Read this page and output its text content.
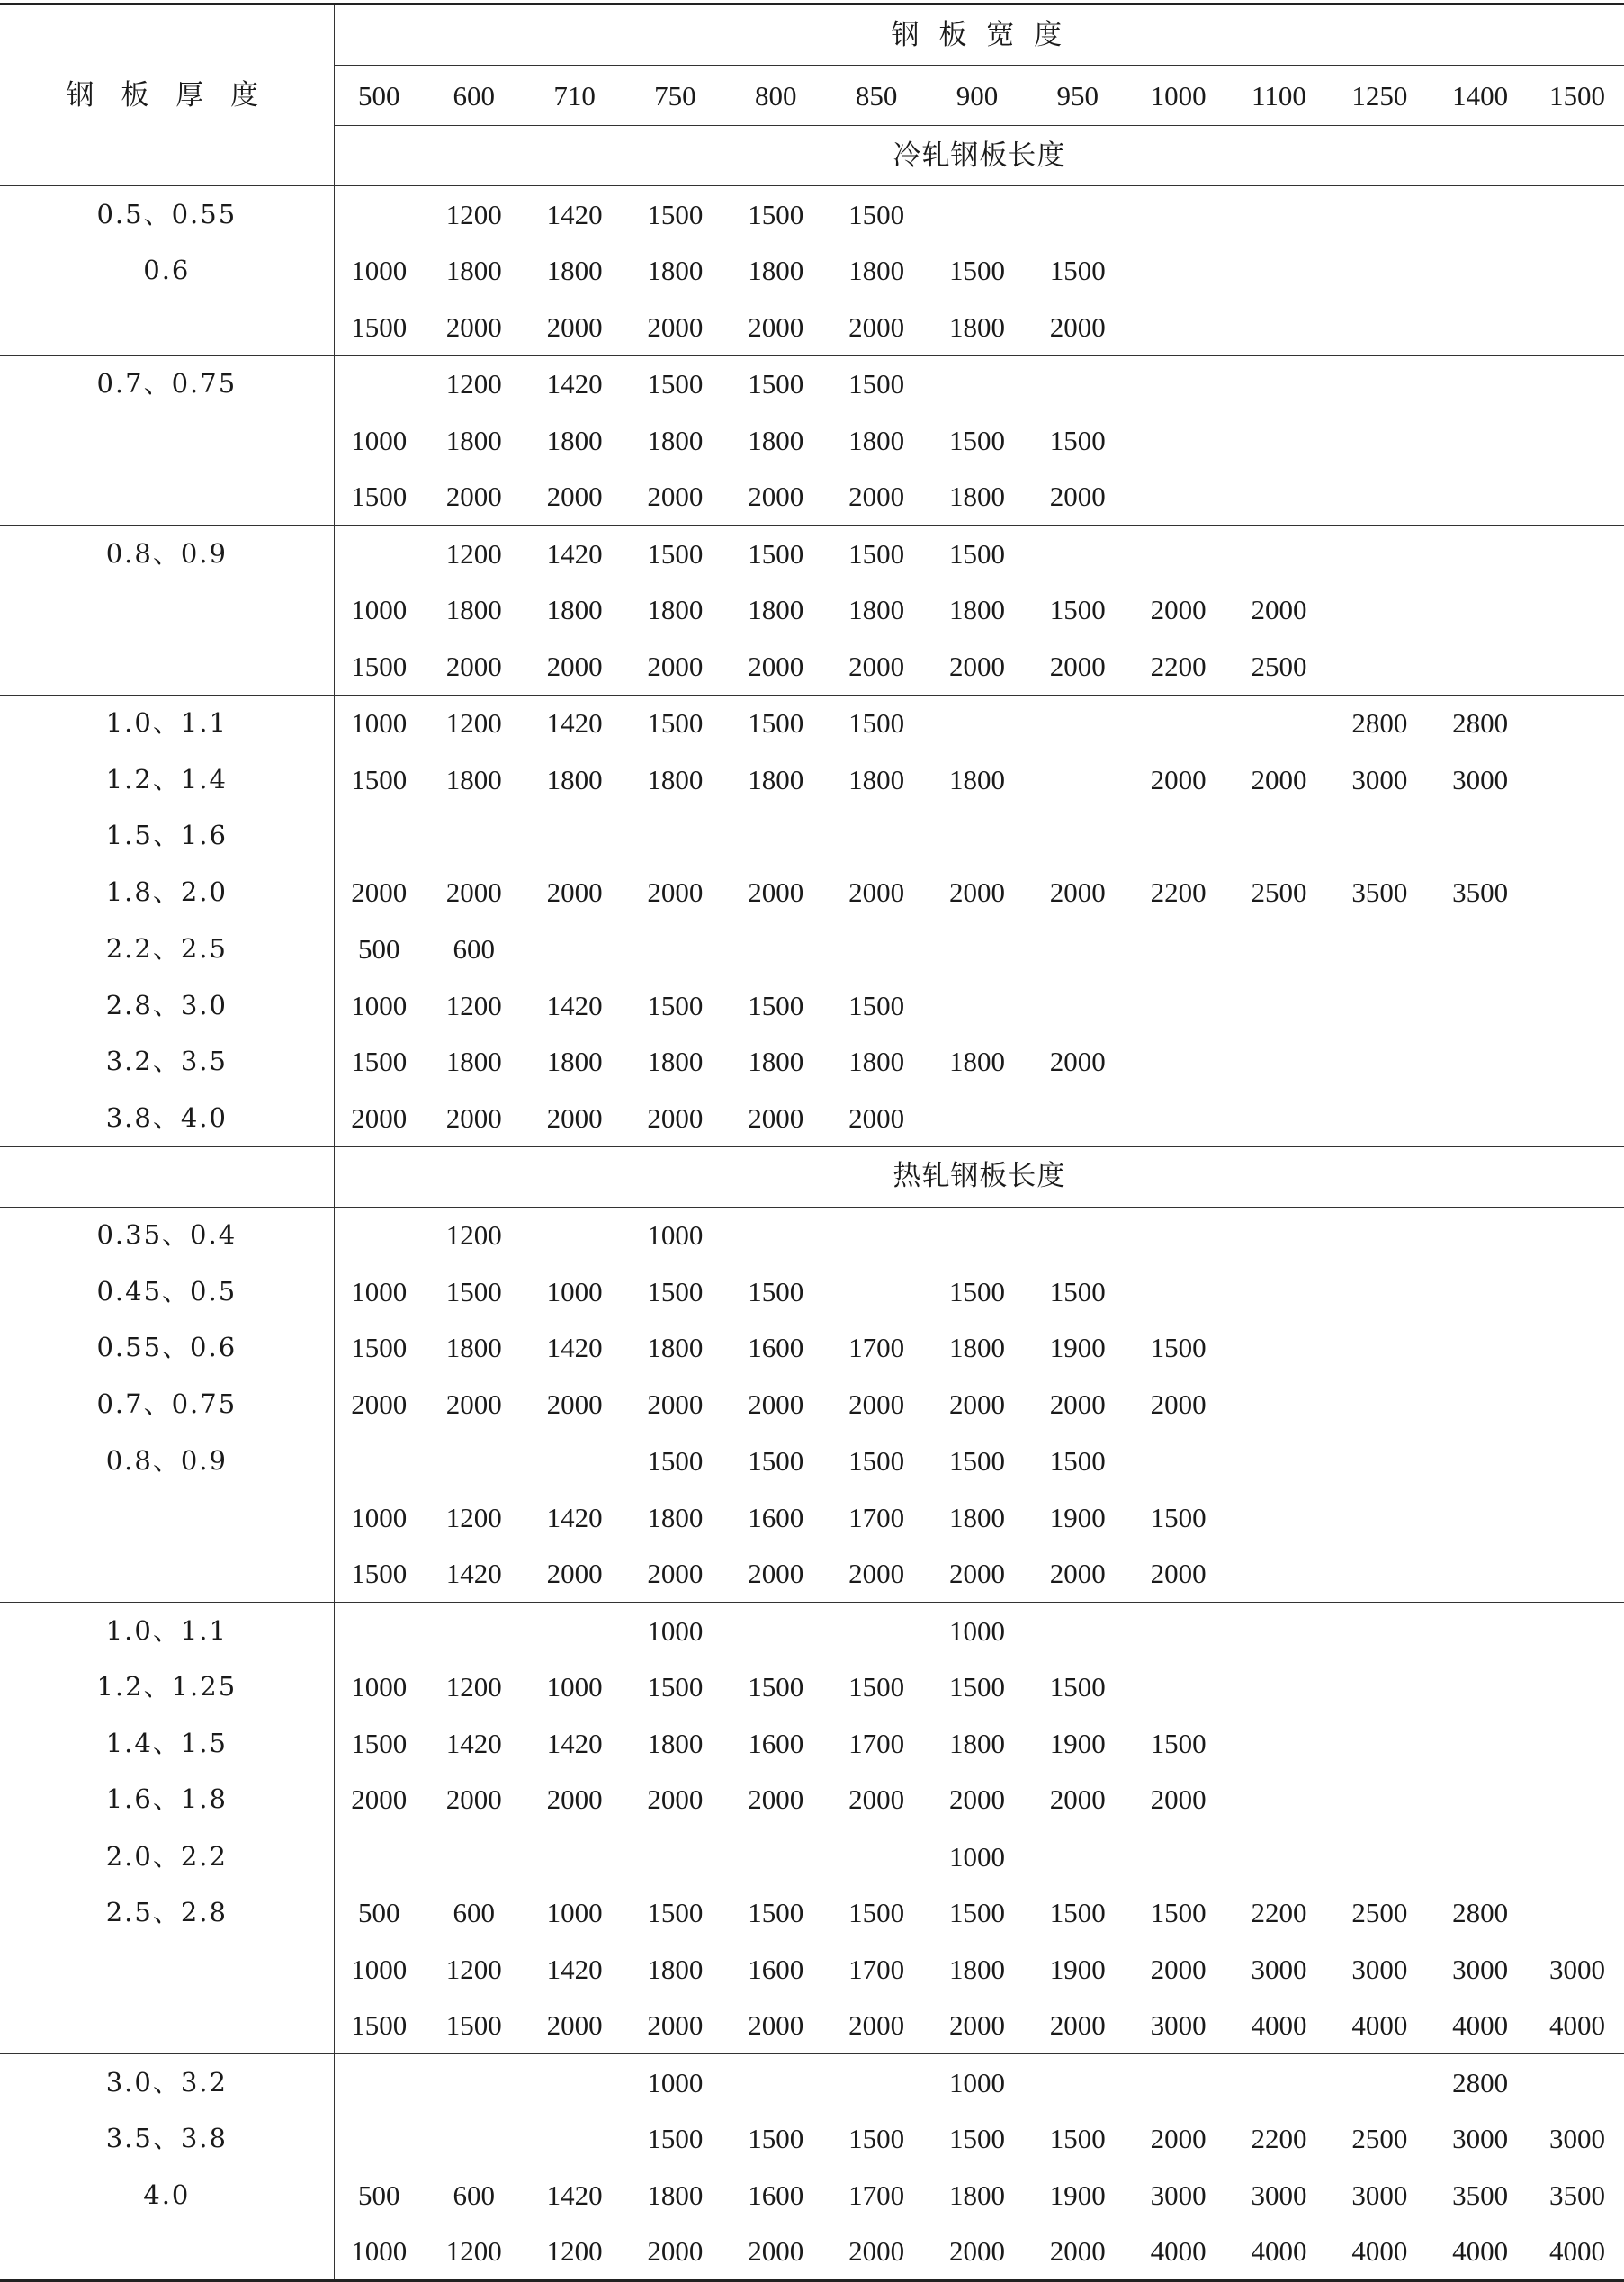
钢 板 厚 度	钢 板 宽 度												
	500	600	710	750	800	850	900	950	1000	1100	1250	1400	1500
	冷轧钢板长度												
0.5、0.55		1200	1420	1500	1500	1500							
0.6	1000	1800	1800	1800	1800	1800	1500	1500					
	1500	2000	2000	2000	2000	2000	1800	2000					
0.7、0.75		1200	1420	1500	1500	1500							
	1000	1800	1800	1800	1800	1800	1500	1500					
	1500	2000	2000	2000	2000	2000	1800	2000					
0.8、0.9		1200	1420	1500	1500	1500	1500						
	1000	1800	1800	1800	1800	1800	1800	1500	2000	2000			
	1500	2000	2000	2000	2000	2000	2000	2000	2200	2500			
1.0、1.1	1000	1200	1420	1500	1500	1500					2800	2800	
1.2、1.4	1500	1800	1800	1800	1800	1800	1800		2000	2000	3000	3000	
1.5、1.6													
1.8、2.0	2000	2000	2000	2000	2000	2000	2000	2000	2200	2500	3500	3500	
2.2、2.5	500	600											
2.8、3.0	1000	1200	1420	1500	1500	1500							
3.2、3.5	1500	1800	1800	1800	1800	1800	1800	2000					
3.8、4.0	2000	2000	2000	2000	2000	2000							
	热轧钢板长度												
0.35、0.4		1200		1000									
0.45、0.5	1000	1500	1000	1500	1500		1500	1500					
0.55、0.6	1500	1800	1420	1800	1600	1700	1800	1900	1500				
0.7、0.75	2000	2000	2000	2000	2000	2000	2000	2000	2000				
0.8、0.9				1500	1500	1500	1500	1500					
	1000	1200	1420	1800	1600	1700	1800	1900	1500				
	1500	1420	2000	2000	2000	2000	2000	2000	2000				
1.0、1.1				1000			1000						
1.2、1.25	1000	1200	1000	1500	1500	1500	1500	1500					
1.4、1.5	1500	1420	1420	1800	1600	1700	1800	1900	1500				
1.6、1.8	2000	2000	2000	2000	2000	2000	2000	2000	2000				
2.0、2.2							1000						
2.5、2.8	500	600	1000	1500	1500	1500	1500	1500	1500	2200	2500	2800	
	1000	1200	1420	1800	1600	1700	1800	1900	2000	3000	3000	3000	3000
	1500	1500	2000	2000	2000	2000	2000	2000	3000	4000	4000	4000	4000
3.0、3.2				1000			1000					2800	
3.5、3.8				1500	1500	1500	1500	1500	2000	2200	2500	3000	3000
4.0	500	600	1420	1800	1600	1700	1800	1900	3000	3000	3000	3500	3500
	1000	1200	1200	2000	2000	2000	2000	2000	4000	4000	4000	4000	4000
